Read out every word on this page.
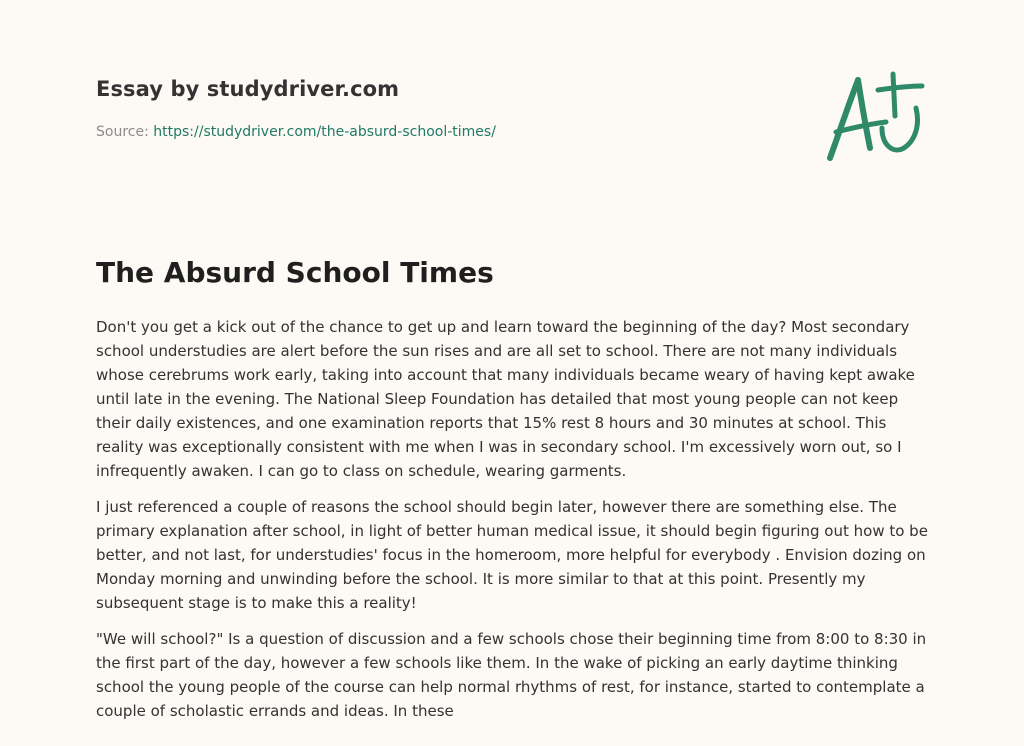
Essay by studydriver.com
Source: https://studydriver.com/the-absurd-school-times/
The Absurd School Times

Don't you get a kick out of the chance to get up and learn toward the beginning of the day? Most secondary school understudies are alert before the sun rises and are all set to school. There are not many individuals whose cerebrums work early, taking into account that many individuals became weary of having kept awake until late in the evening. The National Sleep Foundation has detailed that most young people can not keep their daily existences, and one examination reports that 15% rest 8 hours and 30 minutes at school. This reality was exceptionally consistent with me when I was in secondary school. I'm excessively worn out, so I infrequently awaken. I can go to class on schedule, wearing garments.

I just referenced a couple of reasons the school should begin later, however there are something else. The primary explanation after school, in light of better human medical issue, it should begin figuring out how to be better, and not last, for understudies' focus in the homeroom, more helpful for everybody . Envision dozing on Monday morning and unwinding before the school. It is more similar to that at this point. Presently my subsequent stage is to make this a reality!

"We will school?" Is a question of discussion and a few schools chose their beginning time from 8:00 to 8:30 in the first part of the day, however a few schools like them. In the wake of picking an early daytime thinking school the young people of the course can help normal rhythms of rest, for instance, started to contemplate a couple of scholastic errands and ideas. In these
